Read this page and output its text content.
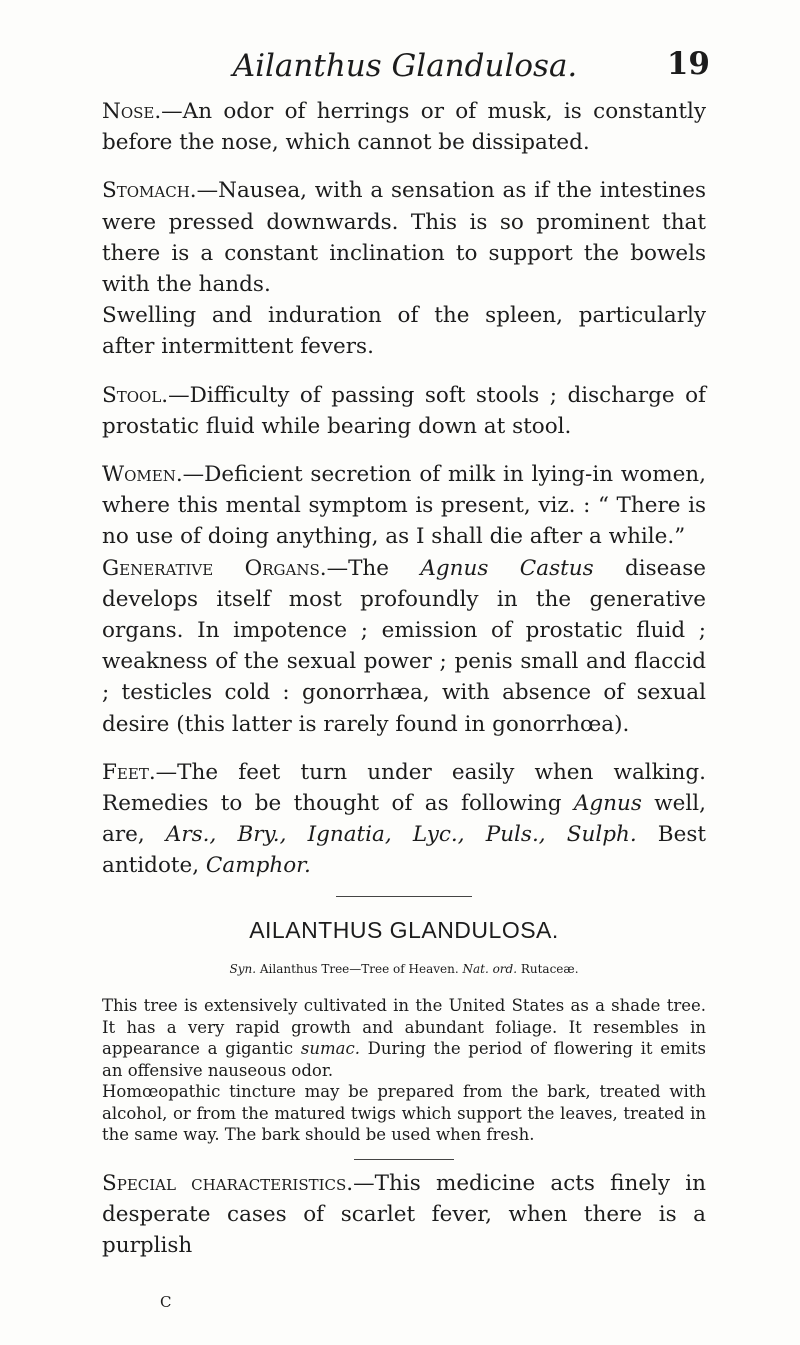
Ailanthus Glandulosa.	19

Nose.—An odor of herrings or of musk, is constantly before the nose, which cannot be dissipated.

Stomach.—Nausea, with a sensation as if the intestines were pressed downwards. This is so prominent that there is a constant inclination to support the bowels with the hands.

Swelling and induration of the spleen, particularly after intermittent fevers.

Stool.—Difficulty of passing soft stools ; discharge of prostatic fluid while bearing down at stool.

Women.—Deficient secretion of milk in lying-in women, where this mental symptom is present, viz. : “ There is no use of doing anything, as I shall die after a while.”

Generative Organs.—The Agnus Castus disease develops itself most profoundly in the generative organs. In impotence ; emission of prostatic fluid ; weakness of the sexual power ; penis small and flaccid ; testicles cold : gonorrhæa, with absence of sexual desire (this latter is rarely found in gonorrhœa).

Feet.—The feet turn under easily when walking. Remedies to be thought of as following Agnus well, are, Ars., Bry., Ignatia, Lyc., Puls., Sulph. Best antidote, Camphor.

AILANTHUS GLANDULOSA.
Syn. Ailanthus Tree—Tree of Heaven. Nat. ord. Rutaceæ.

This tree is extensively cultivated in the United States as a shade tree. It has a very rapid growth and abundant foliage. It resembles in appearance a gigantic sumac. During the period of flowering it emits an offensive nauseous odor.

Homœopathic tincture may be prepared from the bark, treated with alcohol, or from the matured twigs which support the leaves, treated in the same way. The bark should be used when fresh.

Special characteristics.—This medicine acts finely in desperate cases of scarlet fever, when there is a purplish

C
